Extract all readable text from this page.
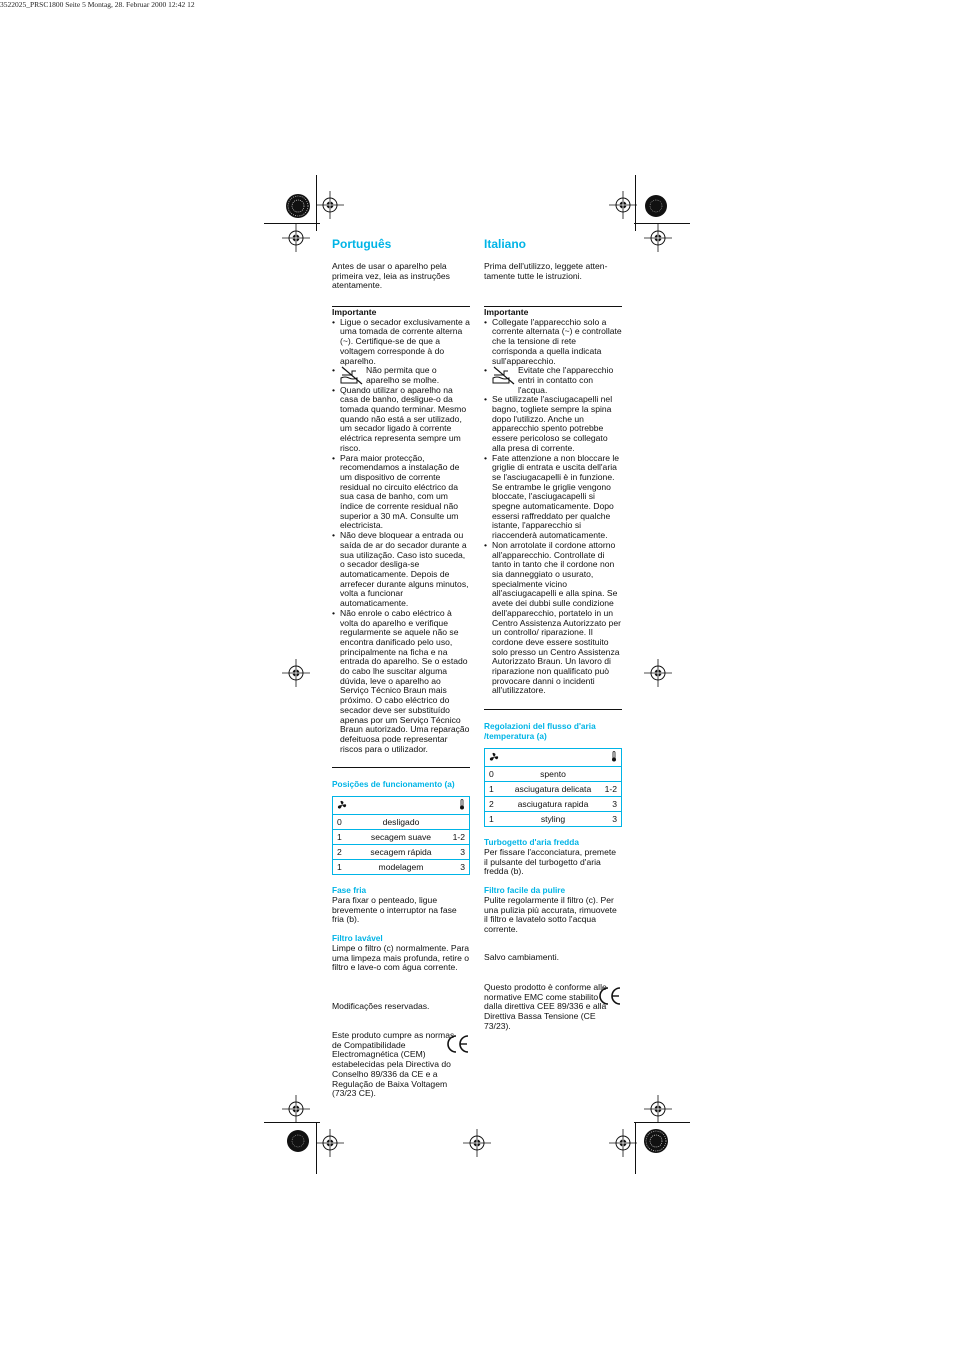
3522025_PRSC1800 Seite 5 Montag, 28. Februar 2000 12:42 12
Português
Antes de usar o aparelho pela primeira vez, leia as instruções atentamente.
Importante
• Ligue o secador exclusivamente a uma tomada de corrente alterna (~). Certifique-se de que a voltagem corresponde à do aparelho.
• Não permita que o aparelho se molhe.
• Quando utilizar o aparelho na casa de banho, desligue-o da tomada quando terminar. Mesmo quando não está a ser utilizado, um secador ligado à corrente eléctrica representa sempre um risco.
• Para maior protecção, recomendamos a instalação de um dispositivo de corrente residual no circuito eléctrico da sua casa de banho, com um índice de corrente residual não superior a 30 mA. Consulte um electricista.
• Não deve bloquear a entrada ou saída de ar do secador durante a sua utilização. Caso isto suceda, o secador desliga-se automaticamente. Depois de arrefecer durante alguns minutos, volta a funcionar automaticamente.
• Não enrole o cabo eléctrico à volta do aparelho e verifique regularmente se aquele não se encontra danificado pelo uso, principalmente na ficha e na entrada do aparelho. Se o estado do cabo lhe suscitar alguma dúvida, leve o aparelho ao Serviço Técnico Braun mais próximo. O cabo eléctrico do secador deve ser substituído apenas por um Serviço Técnico Braun autorizado. Uma reparação defeituosa pode representar riscos para o utilizador.
Posições de funcionamento (a)

0	desligado	
1	secagem suave	1-2
2	secagem rápida	3
1	modelagem	3
Fase fria
Para fixar o penteado, ligue brevemente o interruptor na fase fria (b).
Filtro lavável
Limpe o filtro (c) normalmente. Para uma limpeza mais profunda, retire o filtro e lave-o com água corrente.
Modificações reservadas.
Este produto cumpre as normas de Compatibilidade Electromagnética (CEM) estabelecidas pela Directiva do Conselho 89/336 da CE e a Regulação de Baixa Voltagem (73/23 CE).
Italiano
Prima dell'utilizzo, leggete attentamente tutte le istruzioni.
Importante
• Collegate l'apparecchio solo a corrente alternata (~) e controllate che la tensione di rete corrisponda a quella indicata sull'apparecchio.
• Evitate che l'apparecchio entri in contatto con l'acqua.
• Se utilizzate l'asciugacapelli nel bagno, togliete sempre la spina dopo l'utilizzo. Anche un apparecchio spento potrebbe essere pericoloso se collegato alla presa di corrente.
• Fate attenzione a non bloccare le griglie di entrata e uscita dell'aria se l'asciugacapelli è in funzione. Se entrambe le griglie vengono bloccate, l'asciugacapelli si spegne automaticamente. Dopo essersi raffreddato per qualche istante, l'apparecchio si riaccenderà automaticamente.
• Non arrotolate il cordone attorno all'apparecchio. Controllate di tanto in tanto che il cordone non sia danneggiato o usurato, specialmente vicino all'asciugacapelli e alla spina. Se avete dei dubbi sulle condizione dell'apparecchio, portatelo in un Centro Assistenza Autorizzato per un controllo/ riparazione. Il cordone deve essere sostituito solo presso un Centro Assistenza Autorizzato Braun. Un lavoro di riparazione non qualificato può provocare danni o incidenti all'utilizzatore.
Regolazioni del flusso d'aria /temperatura (a)

0	spento	
1	asciugatura delicata	1-2
2	asciugatura rapida	3
1	styling	3
Turbogetto d'aria fredda
Per fissare l'acconciatura, premete il pulsante del turbogetto d'aria fredda (b).
Filtro facile da pulire
Pulite regolarmente il filtro (c). Per una pulizia più accurata, rimuovete il filtro e lavatelo sotto l'acqua corrente.
Salvo cambiamenti.
Questo prodotto è conforme alle normative EMC come stabilito dalla direttiva CEE 89/336 e alla Direttiva Bassa Tensione (CE 73/23).
